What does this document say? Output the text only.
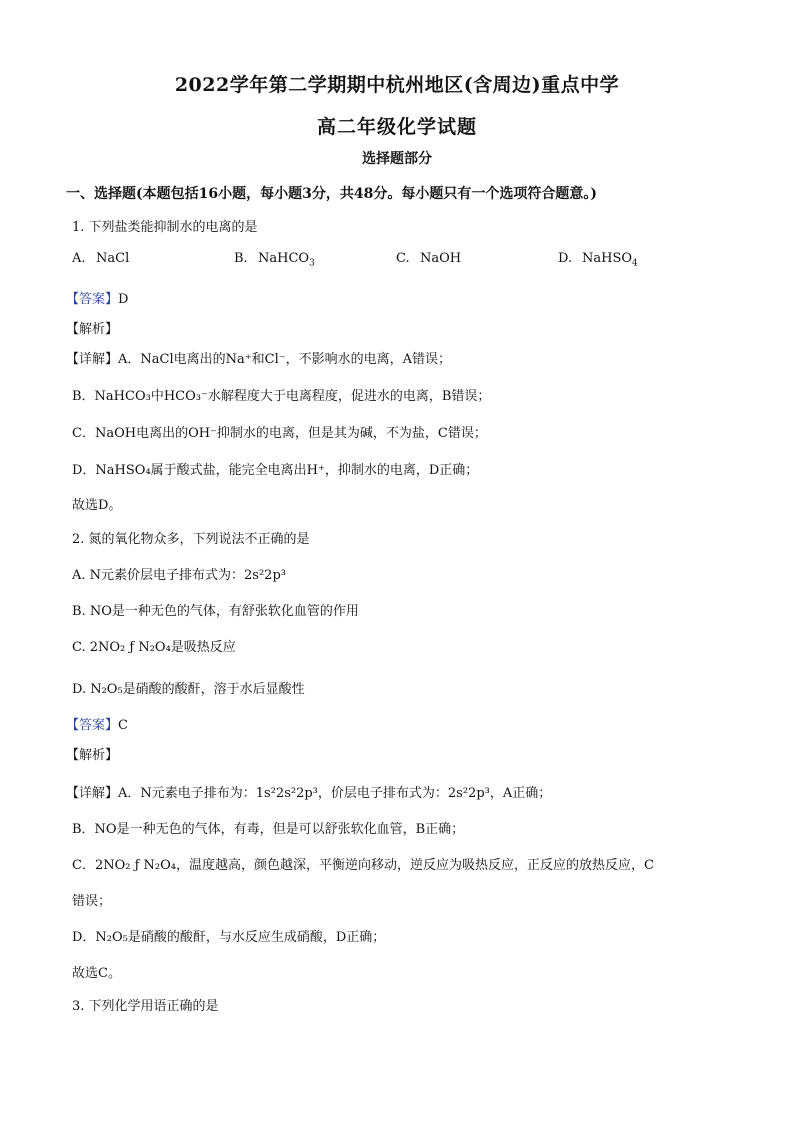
2022学年第二学期期中杭州地区(含周边)重点中学
高二年级化学试题
选择题部分
一、选择题(本题包括16小题，每小题3分，共48分。每小题只有一个选项符合题意。)
1. 下列盐类能抑制水的电离的是
A. NaCl	B. NaHCO$_3$	C. NaOH	D. NaHSO$_4$
【答案】D
【解析】
【详解】A．NaCl电离出的Na⁺和Cl⁻，不影响水的电离，A错误；
B．NaHCO₃中HCO₃⁻水解程度大于电离程度，促进水的电离，B错误；
C．NaOH电离出的OH⁻抑制水的电离，但是其为碱，不为盐，C错误；
D．NaHSO₄属于酸式盐，能完全电离出H⁺，抑制水的电离，D正确；
故选D。
2. 氮的氧化物众多，下列说法不正确的是
A. N元素价层电子排布式为：2s²2p³
B. NO是一种无色的气体，有舒张软化血管的作用
C. 2NO₂ ƒ N₂O₄是吸热反应
D. N₂O₅是硝酸的酸酐，溶于水后显酸性
【答案】C
【解析】
【详解】A．N元素电子排布为：1s²2s²2p³，价层电子排布式为：2s²2p³，A正确；
B．NO是一种无色的气体，有毒，但是可以舒张软化血管，B正确；
C．2NO₂ ƒ N₂O₄，温度越高，颜色越深，平衡逆向移动，逆反应为吸热反应，正反应的放热反应，C
错误；
D．N₂O₅是硝酸的酸酐，与水反应生成硝酸，D正确；
故选C。
3. 下列化学用语正确的是
